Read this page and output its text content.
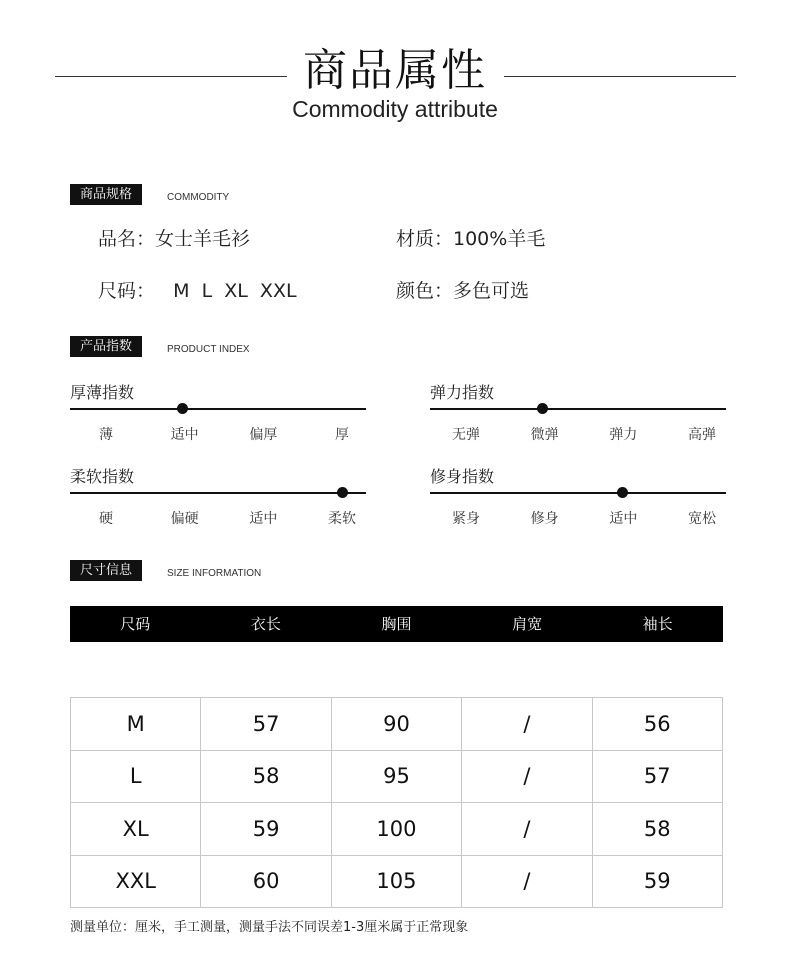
商品属性
Commodity attribute
商品规格	COMMODITY
品名：女士羊毛衫	材质：100%羊毛
尺码：   M  L  XL  XXL	颜色：多色可选
产品指数	PRODUCT INDEX
厚薄指数
薄	适中	偏厚	厚
弹力指数
无弹	微弹	弹力	高弹
柔软指数
硬	偏硬	适中	柔软
修身指数
紧身	修身	适中	宽松
尺寸信息	SIZE INFORMATION
尺码	衣长	胸围	肩宽	袖长
M	57	90	/	56
L	58	95	/	57
XL	59	100	/	58
XXL	60	105	/	59
测量单位：厘米，手工测量，测量手法不同误差1-3厘米属于正常现象
